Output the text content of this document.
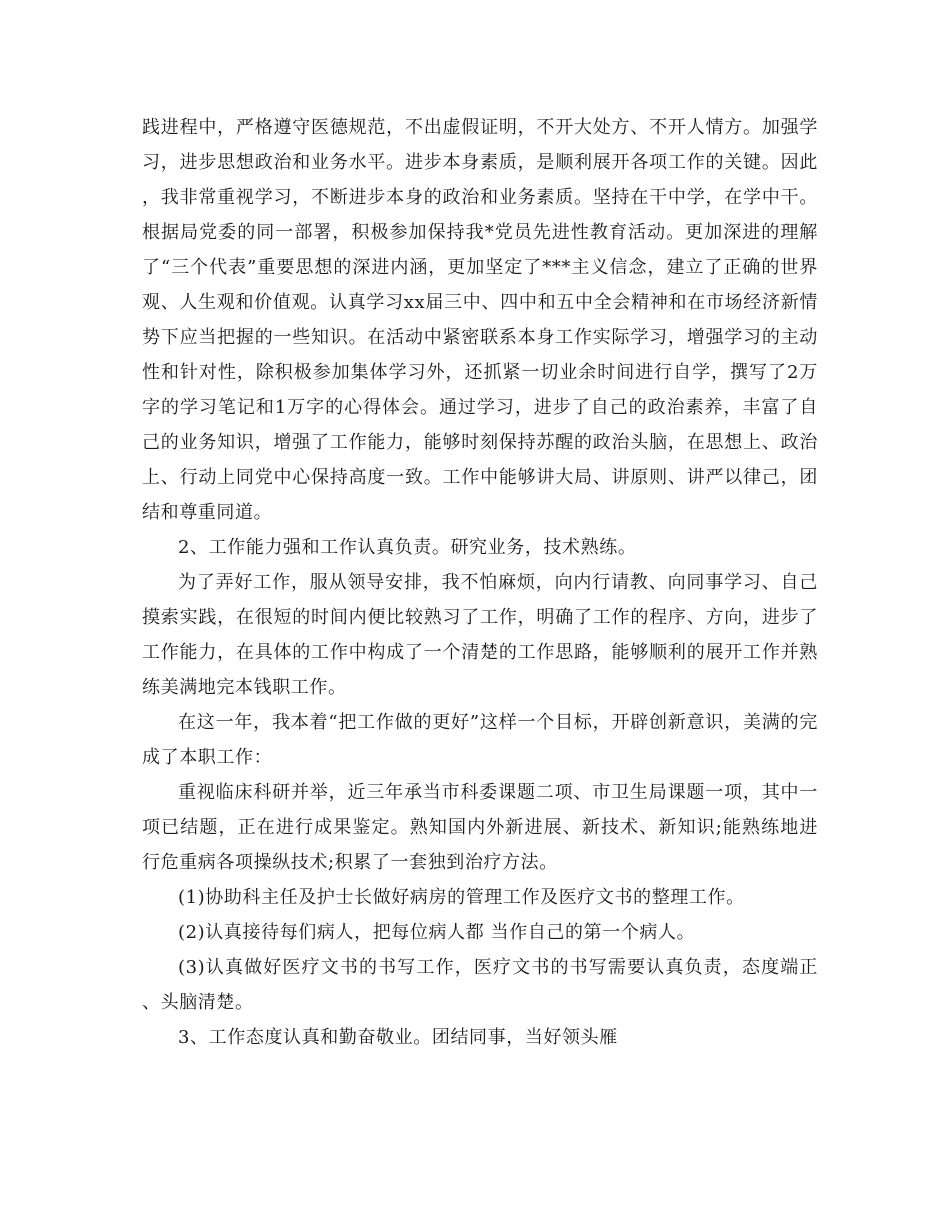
践进程中，严格遵守医德规范，不出虚假证明，不开大处方、不开人情方。加强学习，进步思想政治和业务水平。进步本身素质，是顺利展开各项工作的关键。因此，我非常重视学习，不断进步本身的政治和业务素质。坚持在干中学，在学中干。根据局党委的同一部署，积极参加保持我*党员先进性教育活动。更加深进的理解了“三个代表”重要思想的深进内涵，更加坚定了***主义信念，建立了正确的世界观、人生观和价值观。认真学习xx届三中、四中和五中全会精神和在市场经济新情势下应当把握的一些知识。在活动中紧密联系本身工作实际学习，增强学习的主动性和针对性，除积极参加集体学习外，还抓紧一切业余时间进行自学，撰写了2万字的学习笔记和1万字的心得体会。通过学习，进步了自己的政治素养，丰富了自己的业务知识，增强了工作能力，能够时刻保持苏醒的政治头脑，在思想上、政治上、行动上同党中心保持高度一致。工作中能够讲大局、讲原则、讲严以律己，团结和尊重同道。

2、工作能力强和工作认真负责。研究业务，技术熟练。

为了弄好工作，服从领导安排，我不怕麻烦，向内行请教、向同事学习、自己摸索实践，在很短的时间内便比较熟习了工作，明确了工作的程序、方向，进步了工作能力，在具体的工作中构成了一个清楚的工作思路，能够顺利的展开工作并熟练美满地完本钱职工作。

在这一年，我本着“把工作做的更好”这样一个目标，开辟创新意识，美满的完成了本职工作：

重视临床科研并举，近三年承当市科委课题二项、市卫生局课题一项，其中一项已结题，正在进行成果鉴定。熟知国内外新进展、新技术、新知识;能熟练地进行危重病各项操纵技术;积累了一套独到治疗方法。

(1)协助科主任及护士长做好病房的管理工作及医疗文书的整理工作。

(2)认真接待每们病人，把每位病人都 当作自己的第一个病人。

(3)认真做好医疗文书的书写工作，医疗文书的书写需要认真负责，态度端正、头脑清楚。

3、工作态度认真和勤奋敬业。团结同事，当好领头雁
